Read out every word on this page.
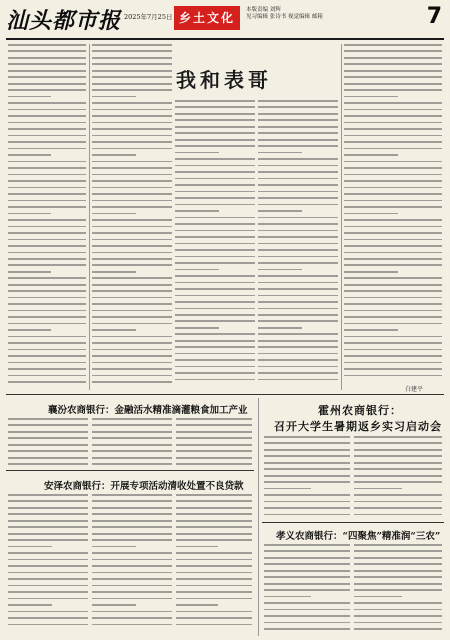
汕头都市报 2025年7月25日 乡土文化
本版责编 刘辉
见习编辑 张诗书 视觉编辑 邮箱	7
我和表哥
白建平
襄汾农商银行：金融活水精准滴灌粮食加工产业
安泽农商银行：开展专项活动清收处置不良贷款
霍州农商银行：
召开大学生暑期返乡实习启动会
孝义农商银行：“四聚焦”精准润“三农”
